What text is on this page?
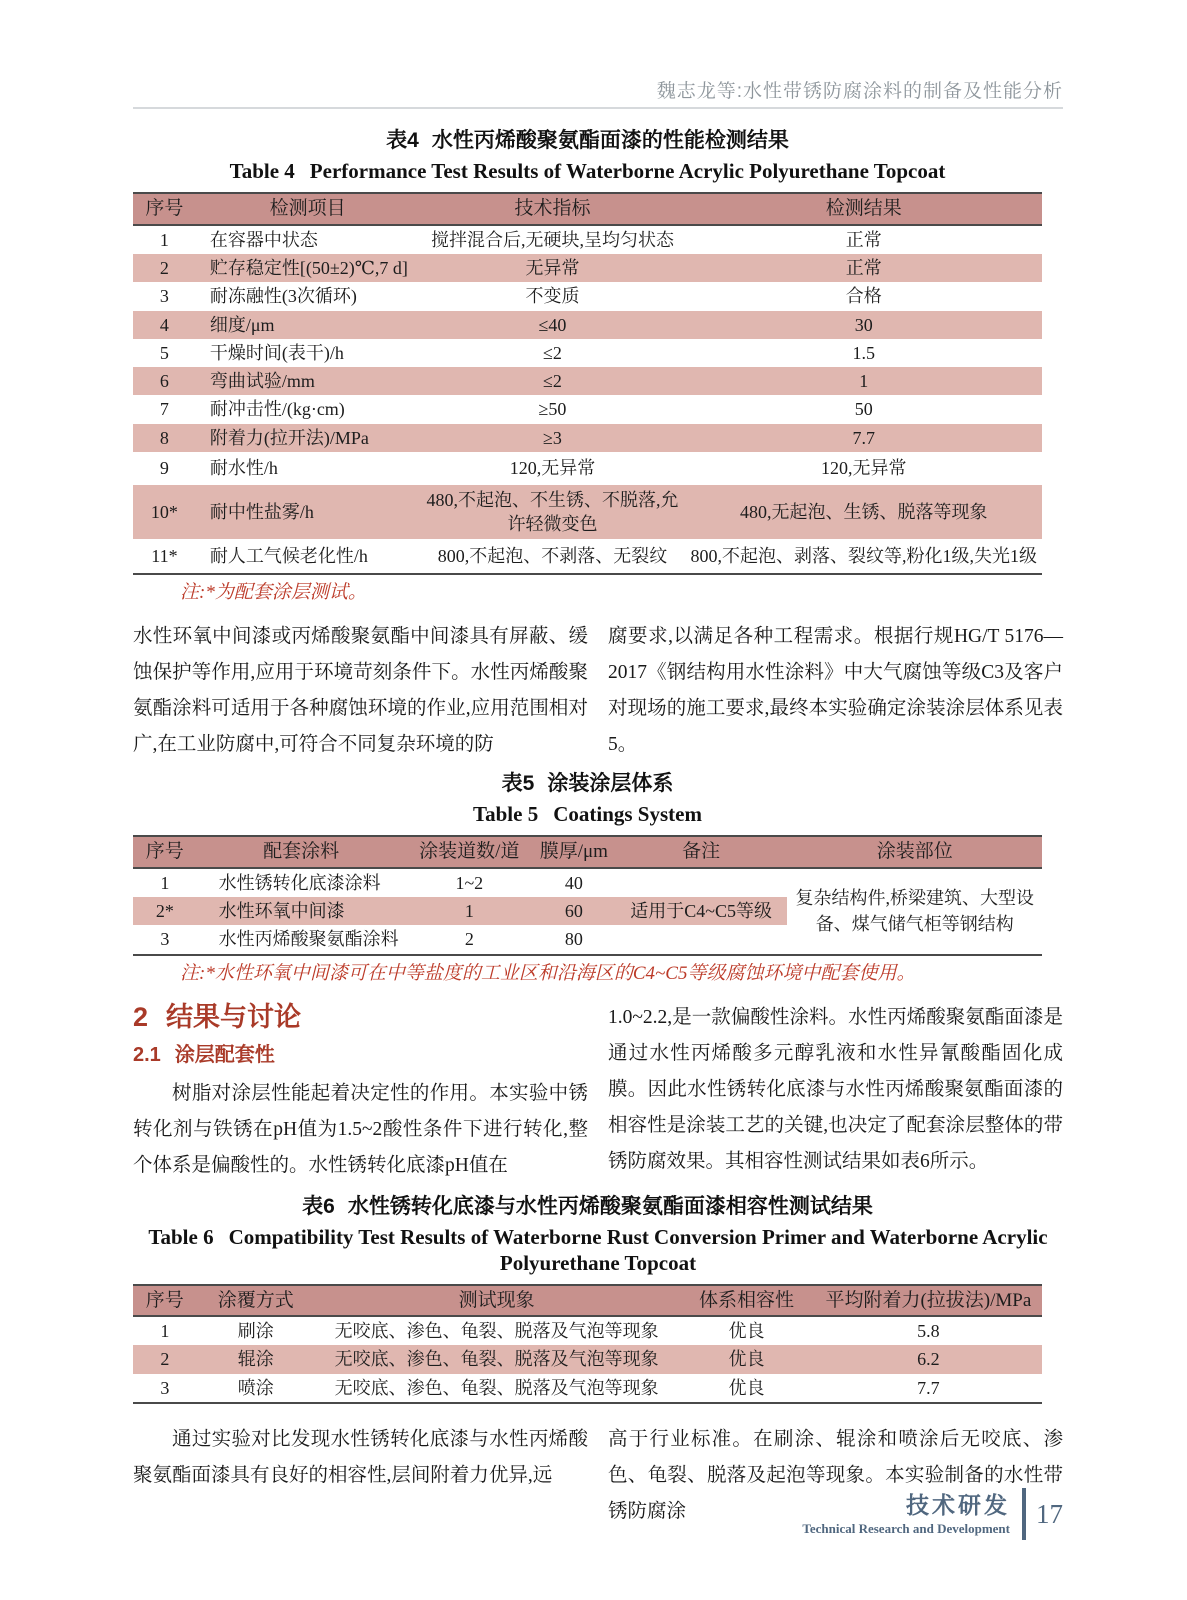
魏志龙等:水性带锈防腐涂料的制备及性能分析
表4 水性丙烯酸聚氨酯面漆的性能检测结果
Table 4 Performance Test Results of Waterborne Acrylic Polyurethane Topcoat
序号	检测项目	技术指标	检测结果
1	在容器中状态	搅拌混合后,无硬块,呈均匀状态	正常
2	贮存稳定性[(50±2)℃,7 d]	无异常	正常
3	耐冻融性(3次循环)	不变质	合格
4	细度/μm	≤40	30
5	干燥时间(表干)/h	≤2	1.5
6	弯曲试验/mm	≤2	1
7	耐冲击性/(kg·cm)	≥50	50
8	附着力(拉开法)/MPa	≥3	7.7
9	耐水性/h	120,无异常	120,无异常
10*	耐中性盐雾/h	480,不起泡、不生锈、不脱落,允许轻微变色	480,无起泡、生锈、脱落等现象
11*	耐人工气候老化性/h	800,不起泡、不剥落、无裂纹	800,不起泡、剥落、裂纹等,粉化1级,失光1级
注:*为配套涂层测试。
水性环氧中间漆或丙烯酸聚氨酯中间漆具有屏蔽、缓蚀保护等作用,应用于环境苛刻条件下。水性丙烯酸聚氨酯涂料可适用于各种腐蚀环境的作业,应用范围相对广,在工业防腐中,可符合不同复杂环境的防
腐要求,以满足各种工程需求。根据行规HG/T 5176—2017《钢结构用水性涂料》中大气腐蚀等级C3及客户对现场的施工要求,最终本实验确定涂装涂层体系见表5。
表5 涂装涂层体系
Table 5 Coatings System
序号	配套涂料	涂装道数/道	膜厚/μm	备注	涂装部位
1	水性锈转化底漆涂料	1~2	40		复杂结构件,桥梁建筑、大型设备、煤气储气柜等钢结构
2*	水性环氧中间漆	1	60	适用于C4~C5等级	
3	水性丙烯酸聚氨酯涂料	2	80		
注:*水性环氧中间漆可在中等盐度的工业区和沿海区的C4~C5等级腐蚀环境中配套使用。
2 结果与讨论
2.1 涂层配套性
树脂对涂层性能起着决定性的作用。本实验中锈转化剂与铁锈在pH值为1.5~2酸性条件下进行转化,整个体系是偏酸性的。水性锈转化底漆pH值在
1.0~2.2,是一款偏酸性涂料。水性丙烯酸聚氨酯面漆是通过水性丙烯酸多元醇乳液和水性异氰酸酯固化成膜。因此水性锈转化底漆与水性丙烯酸聚氨酯面漆的相容性是涂装工艺的关键,也决定了配套涂层整体的带锈防腐效果。其相容性测试结果如表6所示。
表6 水性锈转化底漆与水性丙烯酸聚氨酯面漆相容性测试结果
Table 6 Compatibility Test Results of Waterborne Rust Conversion Primer and Waterborne Acrylic Polyurethane Topcoat
序号	涂覆方式	测试现象	体系相容性	平均附着力(拉拔法)/MPa
1	刷涂	无咬底、渗色、龟裂、脱落及气泡等现象	优良	5.8
2	辊涂	无咬底、渗色、龟裂、脱落及气泡等现象	优良	6.2
3	喷涂	无咬底、渗色、龟裂、脱落及气泡等现象	优良	7.7
通过实验对比发现水性锈转化底漆与水性丙烯酸聚氨酯面漆具有良好的相容性,层间附着力优异,远
高于行业标准。在刷涂、辊涂和喷涂后无咬底、渗色、龟裂、脱落及起泡等现象。本实验制备的水性带锈防腐涂	技术研发
Technical Research and Development 17
